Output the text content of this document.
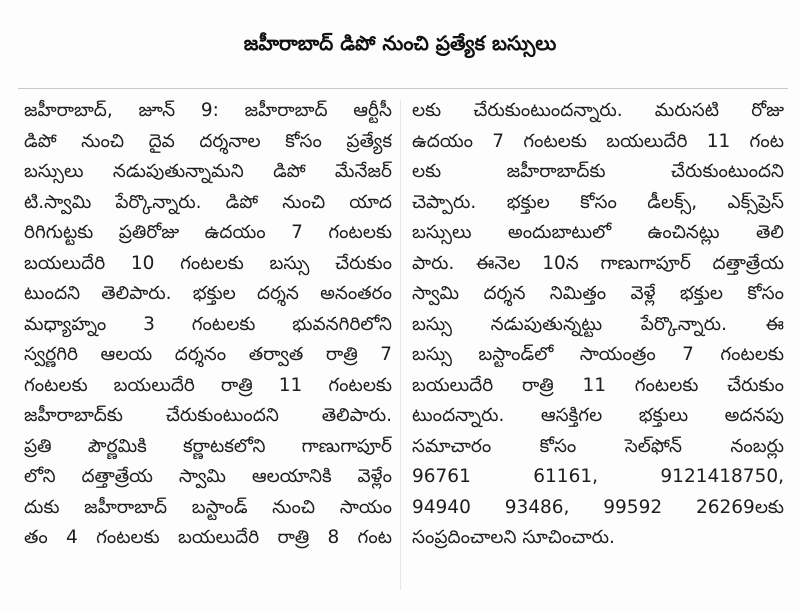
జహీరాబాద్ డిపో నుంచి ప్రత్యేక బస్సులు
జహీరాబాద్, జూన్ 9: జహీరాబాద్ ఆర్టీసీ
డిపో నుంచి దైవ దర్శనాల కోసం ప్రత్యేక
బస్సులు నడుపుతున్నామని డిపో మేనేజర్
టి.స్వామి పేర్కొన్నారు. డిపో నుంచి యాద
రిగిగుట్టకు ప్రతిరోజు ఉదయం 7 గంటలకు
బయలుదేరి 10 గంటలకు బస్సు చేరుకుం
టుందని తెలిపారు. భక్తుల దర్శన అనంతరం
మధ్యాహ్నం 3 గంటలకు భువనగిరిలోని
స్వర్ణగిరి ఆలయ దర్శనం తర్వాత రాత్రి 7
గంటలకు బయలుదేరి రాత్రి 11 గంటలకు
జహీరాబాద్‌కు చేరుకుంటుందని తెలిపారు.
ప్రతి పౌర్ణమికి కర్ణాటకలోని గాణుగాపూర్
లోని దత్తాత్రేయ స్వామి ఆలయానికి వెళ్లేం
దుకు జహీరాబాద్ బస్టాండ్ నుంచి సాయం
తం 4 గంటలకు బయలుదేరి రాత్రి 8 గంట
లకు చేరుకుంటుందన్నారు. మరుసటి రోజు
ఉదయం 7 గంటలకు బయలుదేరి 11 గంట
లకు జహీరాబాద్‌కు చేరుకుంటుందని
చెప్పారు. భక్తుల కోసం డీలక్స్, ఎక్స్‌ప్రెస్
బస్సులు అందుబాటులో ఉంచినట్లు తెలి
పారు. ఈనెల 10న గాణుగాపూర్ దత్తాత్రేయ
స్వామి దర్శన నిమిత్తం వెళ్లే భక్తుల కోసం
బస్సు నడుపుతున్నట్టు పేర్కొన్నారు. ఈ
బస్సు బస్టాండ్‌లో సాయంత్రం 7 గంటలకు
బయలుదేరి రాత్రి 11 గంటలకు చేరుకుం
టుందన్నారు. ఆసక్తిగల భక్తులు అదనపు
సమాచారం కోసం సెల్‌ఫోన్ నంబర్లు
96761 61161, 9121418750,
94940 93486, 99592 26269లకు
సంప్రదించాలని సూచించారు.
